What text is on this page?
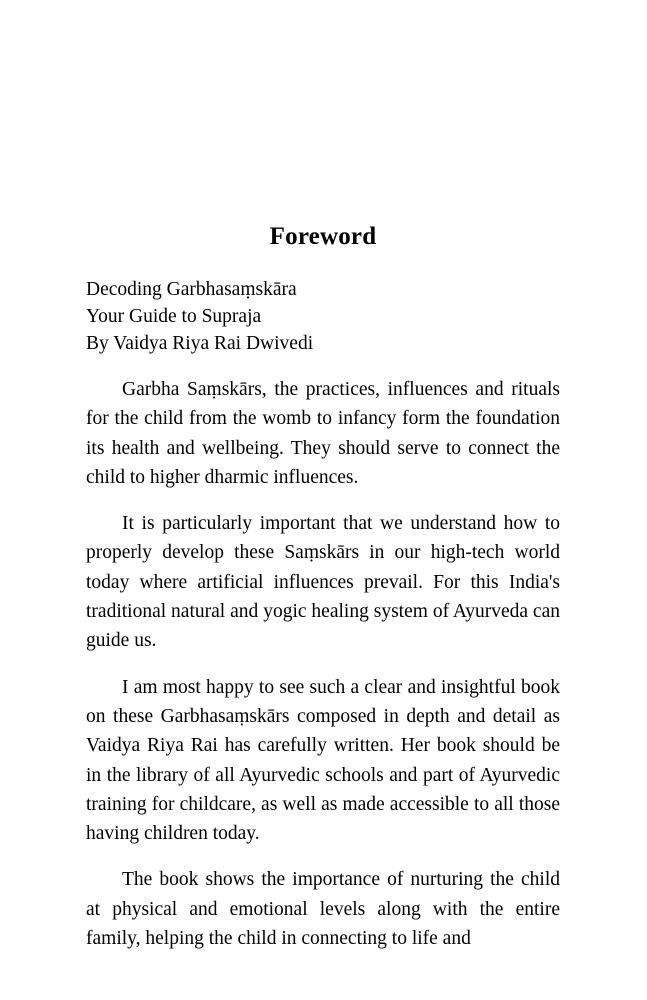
Foreword
Decoding Garbhasaṃskāra
Your Guide to Supraja
By Vaidya Riya Rai Dwivedi

Garbha Saṃskārs, the practices, influences and rituals for the child from the womb to infancy form the foundation its health and wellbeing. They should serve to connect the child to higher dharmic influences.

It is particularly important that we understand how to properly develop these Saṃskārs in our high-tech world today where artificial influences prevail. For this India's traditional natural and yogic healing system of Ayurveda can guide us.

I am most happy to see such a clear and insightful book on these Garbhasaṃskārs composed in depth and detail as Vaidya Riya Rai has carefully written. Her book should be in the library of all Ayurvedic schools and part of Ayurvedic training for childcare, as well as made accessible to all those having children today.

The book shows the importance of nurturing the child at physical and emotional levels along with the entire family, helping the child in connecting to life and
